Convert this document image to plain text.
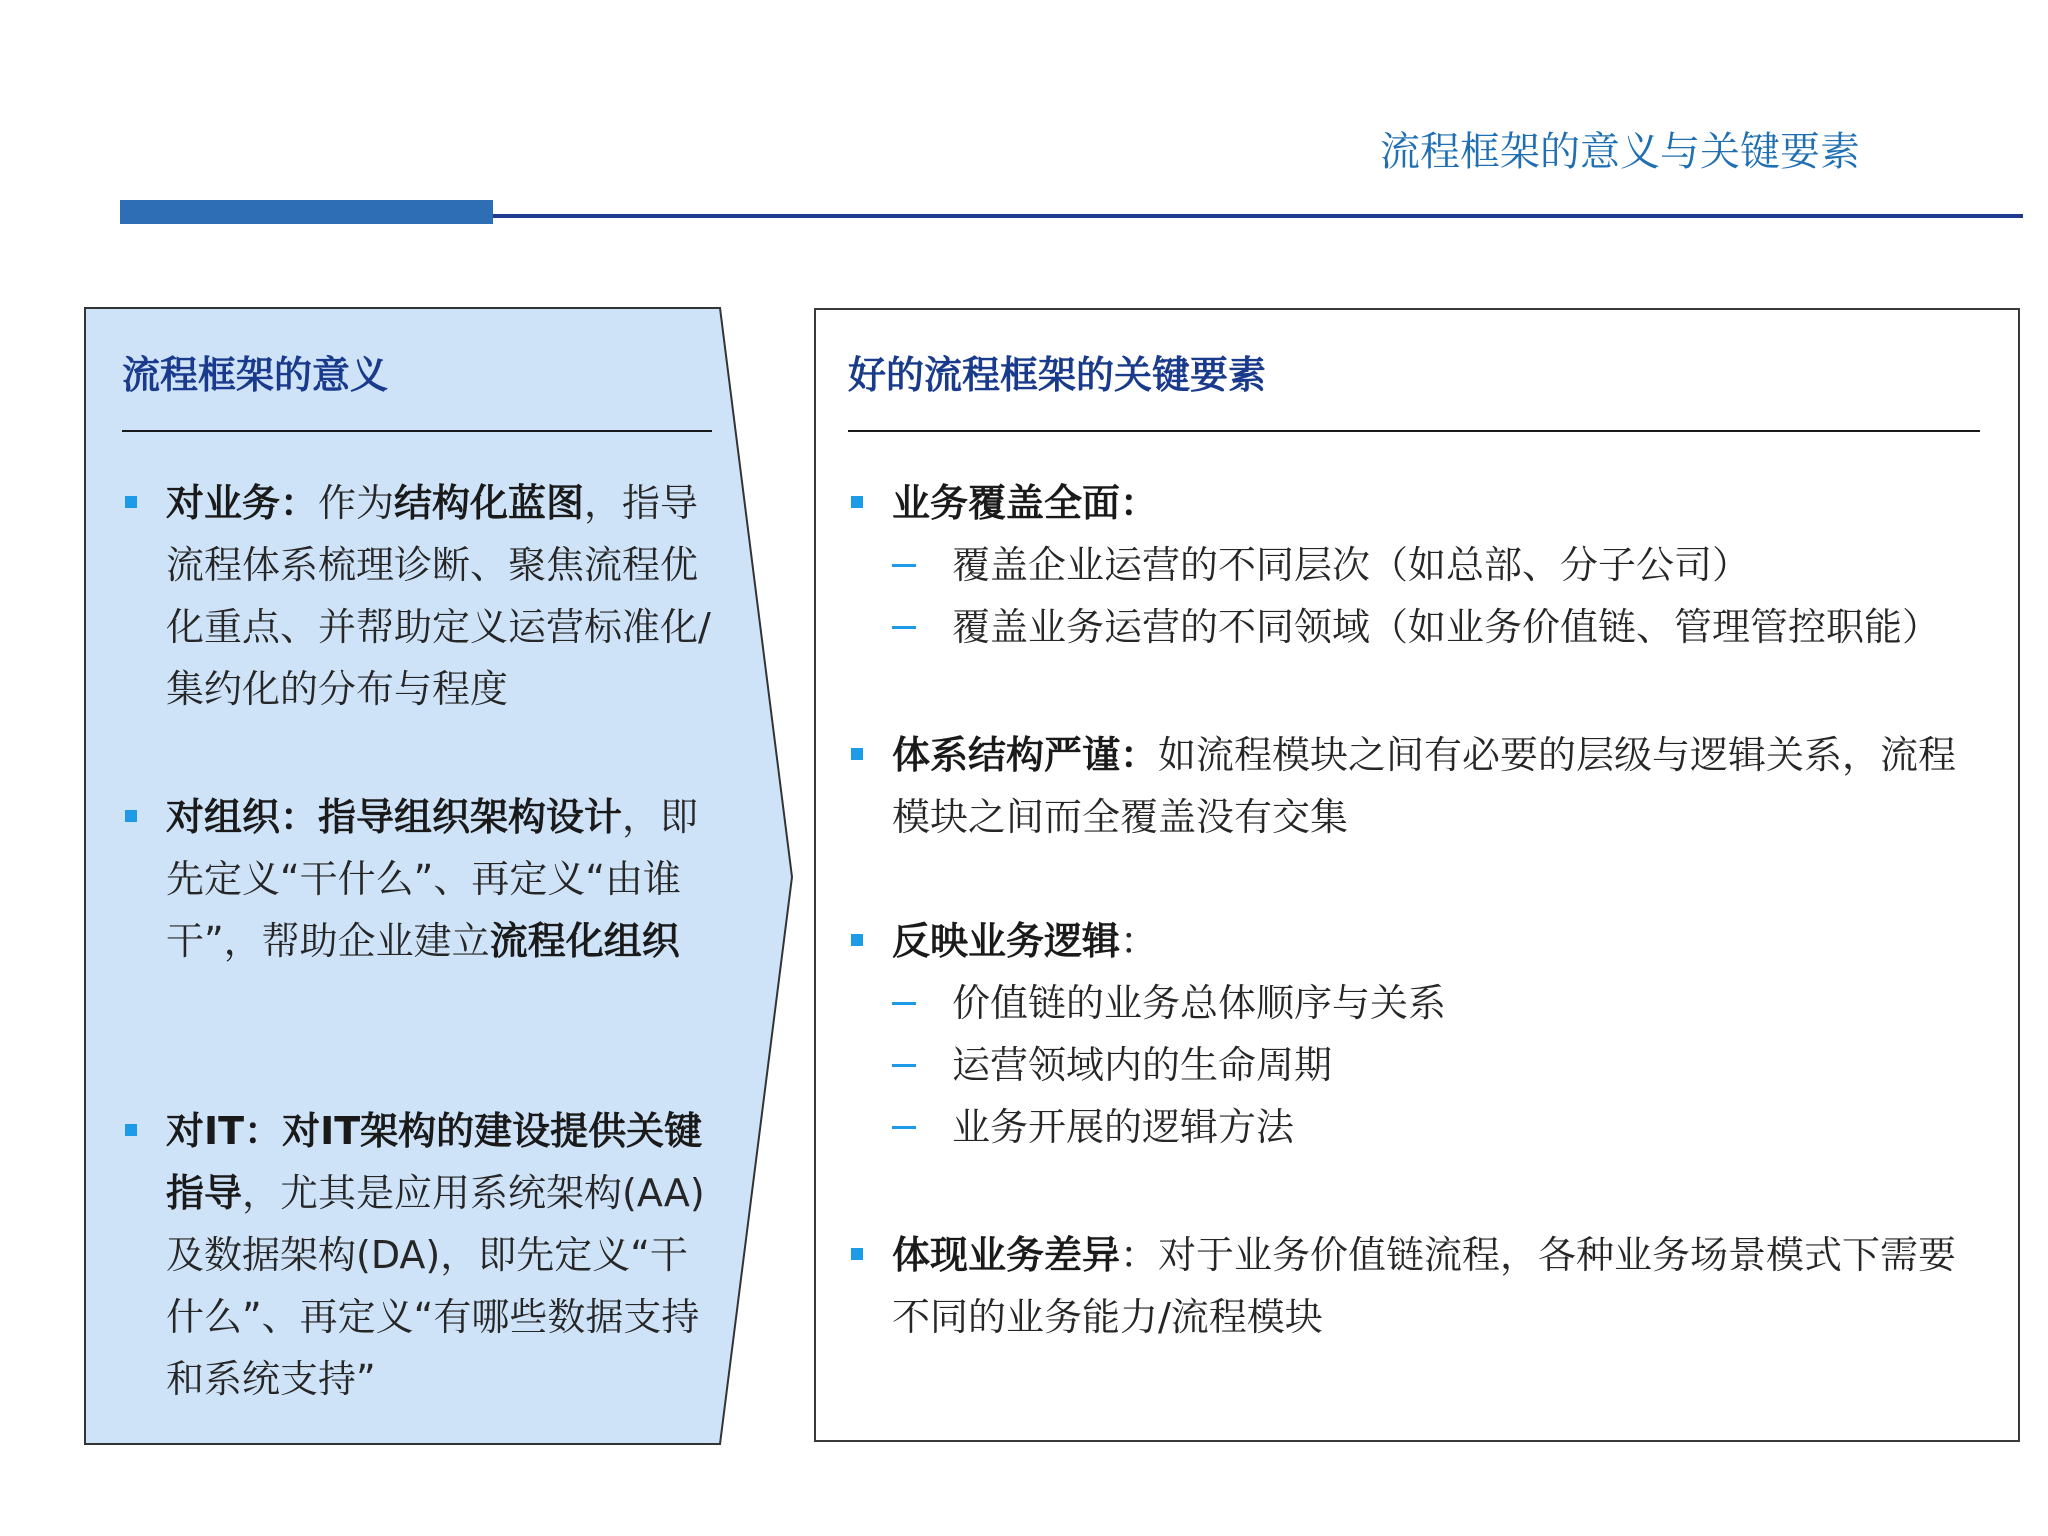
流程框架的意义与关键要素
流程框架的意义
对业务：作为结构化蓝图，指导流程体系梳理诊断、聚焦流程优化重点、并帮助定义运营标准化/集约化的分布与程度
对组织：指导组织架构设计，即先定义“干什么”、再定义“由谁干”，帮助企业建立流程化组织
对IT：对IT架构的建设提供关键指导，尤其是应用系统架构(AA)及数据架构(DA)，即先定义“干什么”、再定义“有哪些数据支持和系统支持”
好的流程框架的关键要素
业务覆盖全面：
覆盖企业运营的不同层次（如总部、分子公司）
覆盖业务运营的不同领域（如业务价值链、管理管控职能）
体系结构严谨：如流程模块之间有必要的层级与逻辑关系，流程模块之间而全覆盖没有交集
反映业务逻辑：
价值链的业务总体顺序与关系
运营领域内的生命周期
业务开展的逻辑方法
体现业务差异：对于业务价值链流程，各种业务场景模式下需要不同的业务能力/流程模块
